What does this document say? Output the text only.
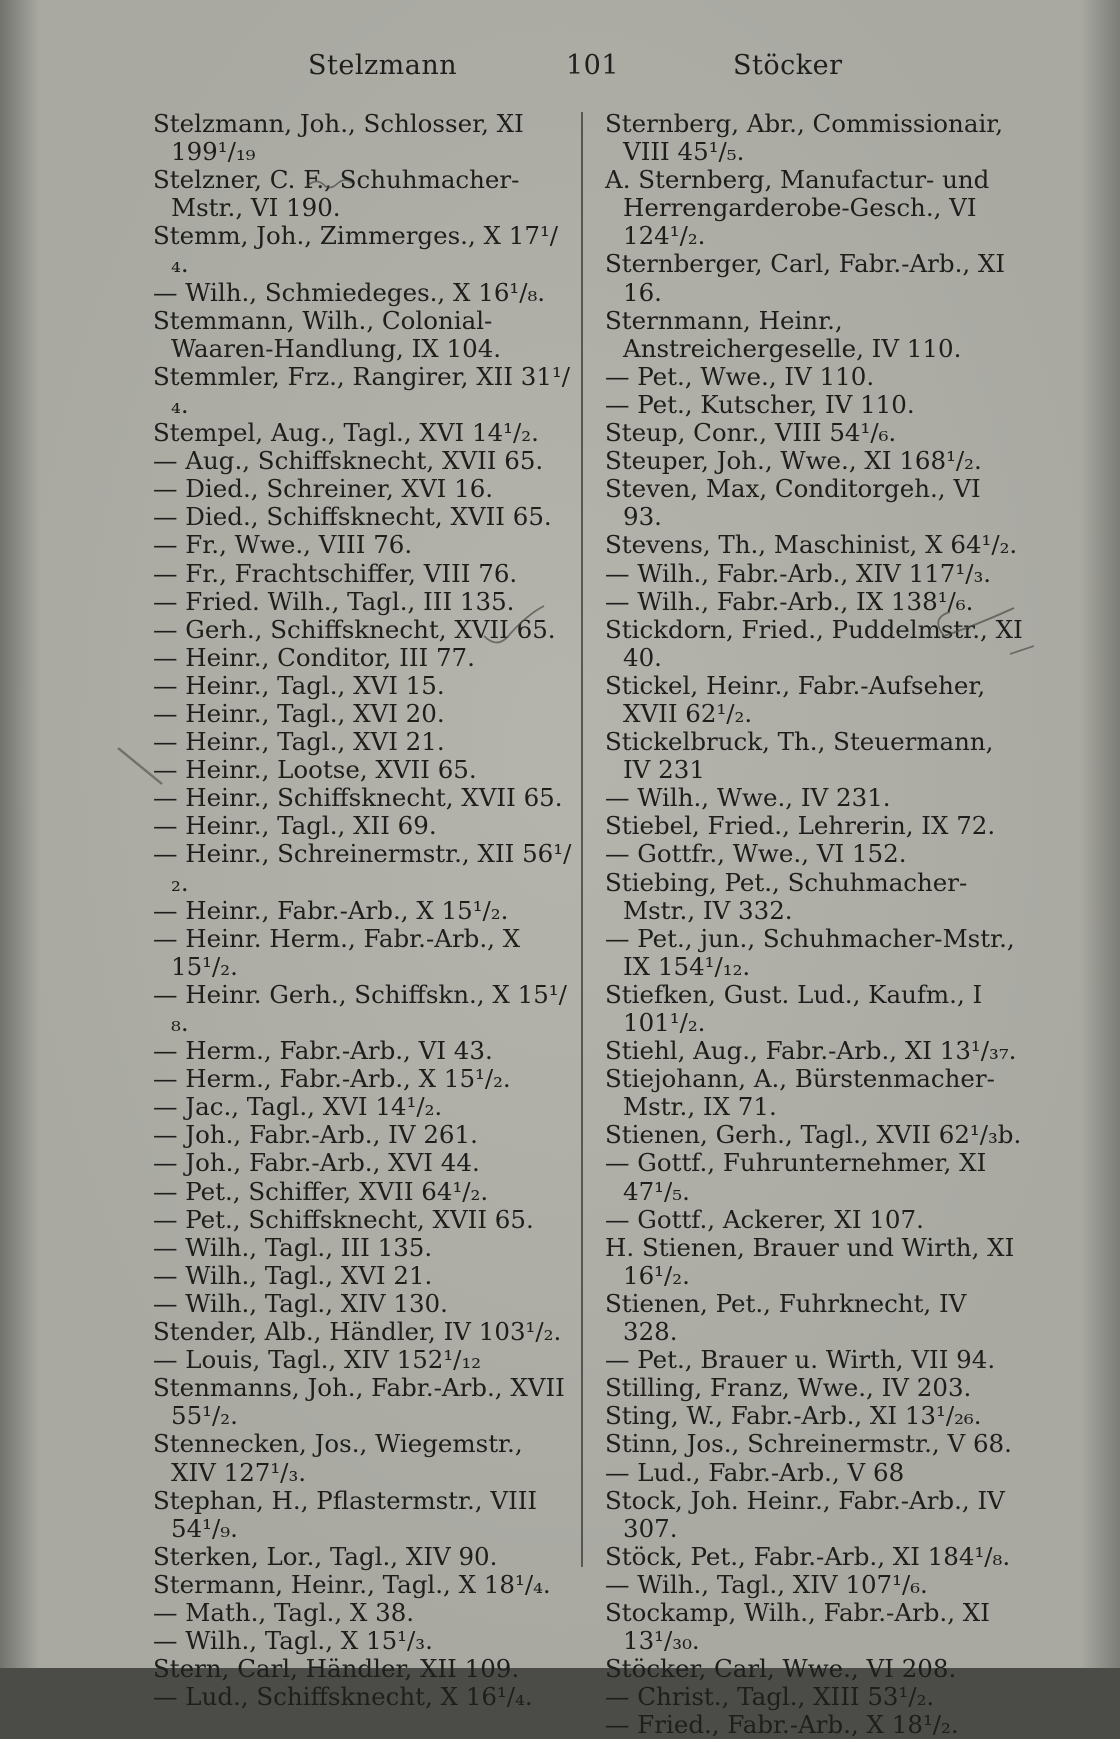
Stelzmann	101	Stöcker
Stelzmann, Joh., Schlosser, XI 199¹/₁₉
Stelzner, C. F., Schuhmacher-Mstr., VI 190.
Stemm, Joh., Zimmerges., X 17¹/₄.
— Wilh., Schmiedeges., X 16¹/₈.
Stemmann, Wilh., Colonial-Waaren-Handlung, IX 104.
Stemmler, Frz., Rangirer, XII 31¹/₄.
Stempel, Aug., Tagl., XVI 14¹/₂.
— Aug., Schiffsknecht, XVII 65.
— Died., Schreiner, XVI 16.
— Died., Schiffsknecht, XVII 65.
— Fr., Wwe., VIII 76.
— Fr., Frachtschiffer, VIII 76.
— Fried. Wilh., Tagl., III 135.
— Gerh., Schiffsknecht, XVII 65.
— Heinr., Conditor, III 77.
— Heinr., Tagl., XVI 15.
— Heinr., Tagl., XVI 20.
— Heinr., Tagl., XVI 21.
— Heinr., Lootse, XVII 65.
— Heinr., Schiffsknecht, XVII 65.
— Heinr., Tagl., XII 69.
— Heinr., Schreinermstr., XII 56¹/₂.
— Heinr., Fabr.-Arb., X 15¹/₂.
— Heinr. Herm., Fabr.-Arb., X 15¹/₂.
— Heinr. Gerh., Schiffskn., X 15¹/₈.
— Herm., Fabr.-Arb., VI 43.
— Herm., Fabr.-Arb., X 15¹/₂.
— Jac., Tagl., XVI 14¹/₂.
— Joh., Fabr.-Arb., IV 261.
— Joh., Fabr.-Arb., XVI 44.
— Pet., Schiffer, XVII 64¹/₂.
— Pet., Schiffsknecht, XVII 65.
— Wilh., Tagl., III 135.
— Wilh., Tagl., XVI 21.
— Wilh., Tagl., XIV 130.
Stender, Alb., Händler, IV 103¹/₂.
— Louis, Tagl., XIV 152¹/₁₂
Stenmanns, Joh., Fabr.-Arb., XVII 55¹/₂.
Stennecken, Jos., Wiegemstr., XIV 127¹/₃.
Stephan, H., Pflastermstr., VIII 54¹/₉.
Sterken, Lor., Tagl., XIV 90.
Stermann, Heinr., Tagl., X 18¹/₄.
— Math., Tagl., X 38.
— Wilh., Tagl., X 15¹/₃.
Stern, Carl, Händler, XII 109.
— Lud., Schiffsknecht, X 16¹/₄.
Sternberg, Abr., Commissionair, VIII 45¹/₅.
A. Sternberg, Manufactur- und Herrengarderobe-Gesch., VI 124¹/₂.
Sternberger, Carl, Fabr.-Arb., XI 16.
Sternmann, Heinr., Anstreichergeselle, IV 110.
— Pet., Wwe., IV 110.
— Pet., Kutscher, IV 110.
Steup, Conr., VIII 54¹/₆.
Steuper, Joh., Wwe., XI 168¹/₂.
Steven, Max, Conditorgeh., VI 93.
Stevens, Th., Maschinist, X 64¹/₂.
— Wilh., Fabr.-Arb., XIV 117¹/₃.
— Wilh., Fabr.-Arb., IX 138¹/₆.
Stickdorn, Fried., Puddelmstr., XI 40.
Stickel, Heinr., Fabr.-Aufseher, XVII 62¹/₂.
Stickelbruck, Th., Steuermann, IV 231
— Wilh., Wwe., IV 231.
Stiebel, Fried., Lehrerin, IX 72.
— Gottfr., Wwe., VI 152.
Stiebing, Pet., Schuhmacher-Mstr., IV 332.
— Pet., jun., Schuhmacher-Mstr., IX 154¹/₁₂.
Stiefken, Gust. Lud., Kaufm., I 101¹/₂.
Stiehl, Aug., Fabr.-Arb., XI 13¹/₃₇.
Stiejohann, A., Bürstenmacher-Mstr., IX 71.
Stienen, Gerh., Tagl., XVII 62¹/₃b.
— Gottf., Fuhrunternehmer, XI 47¹/₅.
— Gottf., Ackerer, XI 107.
H. Stienen, Brauer und Wirth, XI 16¹/₂.
Stienen, Pet., Fuhrknecht, IV 328.
— Pet., Brauer u. Wirth, VII 94.
Stilling, Franz, Wwe., IV 203.
Sting, W., Fabr.-Arb., XI 13¹/₂₆.
Stinn, Jos., Schreinermstr., V 68.
— Lud., Fabr.-Arb., V 68
Stock, Joh. Heinr., Fabr.-Arb., IV 307.
Stöck, Pet., Fabr.-Arb., XI 184¹/₈.
— Wilh., Tagl., XIV 107¹/₆.
Stockamp, Wilh., Fabr.-Arb., XI 13¹/₃₀.
Stöcker, Carl, Wwe., VI 208.
— Christ., Tagl., XIII 53¹/₂.
— Fried., Fabr.-Arb., X 18¹/₂.
